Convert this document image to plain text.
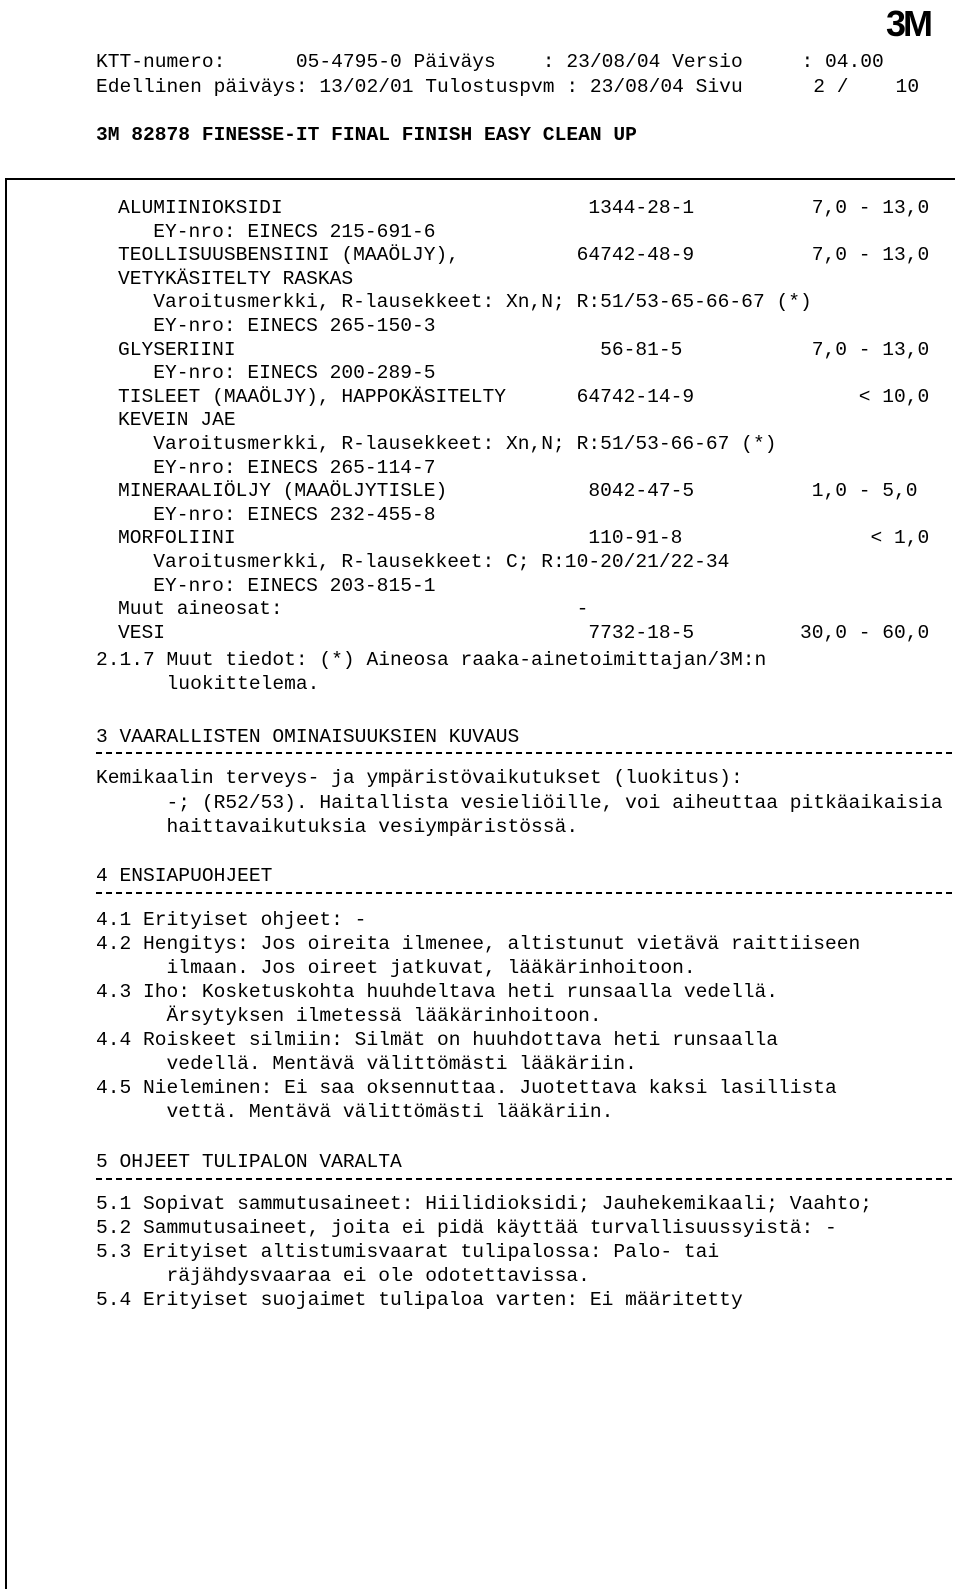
3M
KTT-numero:      05-4795-0 Päiväys    : 23/08/04 Versio     : 04.00
Edellinen päiväys: 13/02/01 Tulostuspvm : 23/08/04 Sivu      2 /    10
3M 82878 FINESSE-IT FINAL FINISH EASY CLEAN UP
ALUMIINIOKSIDI                          1344-28-1          7,0 - 13,0
EY-nro: EINECS 215-691-6
TEOLLISUUSBENSIINI (MAAÖLJY),          64742-48-9          7,0 - 13,0
VETYKÄSITELTY RASKAS
Varoitusmerkki, R-lausekkeet: Xn,N; R:51/53-65-66-67 (*)
EY-nro: EINECS 265-150-3
GLYSERIINI                               56-81-5           7,0 - 13,0
EY-nro: EINECS 200-289-5
TISLEET (MAAÖLJY), HAPPOKÄSITELTY      64742-14-9              < 10,0
KEVEIN JAE
Varoitusmerkki, R-lausekkeet: Xn,N; R:51/53-66-67 (*)
EY-nro: EINECS 265-114-7
MINERAALIÖLJY (MAAÖLJYTISLE)            8042-47-5          1,0 - 5,0
EY-nro: EINECS 232-455-8
MORFOLIINI                              110-91-8                < 1,0
Varoitusmerkki, R-lausekkeet: C; R:10-20/21/22-34
EY-nro: EINECS 203-815-1
Muut aineosat:                         -
VESI                                    7732-18-5         30,0 - 60,0
2.1.7 Muut tiedot: (*) Aineosa raaka-ainetoimittajan/3M:n
luokittelema.
3 VAARALLISTEN OMINAISUUKSIEN KUVAUS
Kemikaalin terveys- ja ympäristövaikutukset (luokitus):
-; (R52/53). Haitallista vesieliöille, voi aiheuttaa pitkäaikaisia
haittavaikutuksia vesiympäristössä.
4 ENSIAPUOHJEET
4.1 Erityiset ohjeet: -
4.2 Hengitys: Jos oireita ilmenee, altistunut vietävä raittiiseen
ilmaan. Jos oireet jatkuvat, lääkärinhoitoon.
4.3 Iho: Kosketuskohta huuhdeltava heti runsaalla vedellä.
Ärsytyksen ilmetessä lääkärinhoitoon.
4.4 Roiskeet silmiin: Silmät on huuhdottava heti runsaalla
vedellä. Mentävä välittömästi lääkäriin.
4.5 Nieleminen: Ei saa oksennuttaa. Juotettava kaksi lasillista
vettä. Mentävä välittömästi lääkäriin.
5 OHJEET TULIPALON VARALTA
5.1 Sopivat sammutusaineet: Hiilidioksidi; Jauhekemikaali; Vaahto;
5.2 Sammutusaineet, joita ei pidä käyttää turvallisuussyistä: -
5.3 Erityiset altistumisvaarat tulipalossa: Palo- tai
räjähdysvaaraa ei ole odotettavissa.
5.4 Erityiset suojaimet tulipaloa varten: Ei määritetty
